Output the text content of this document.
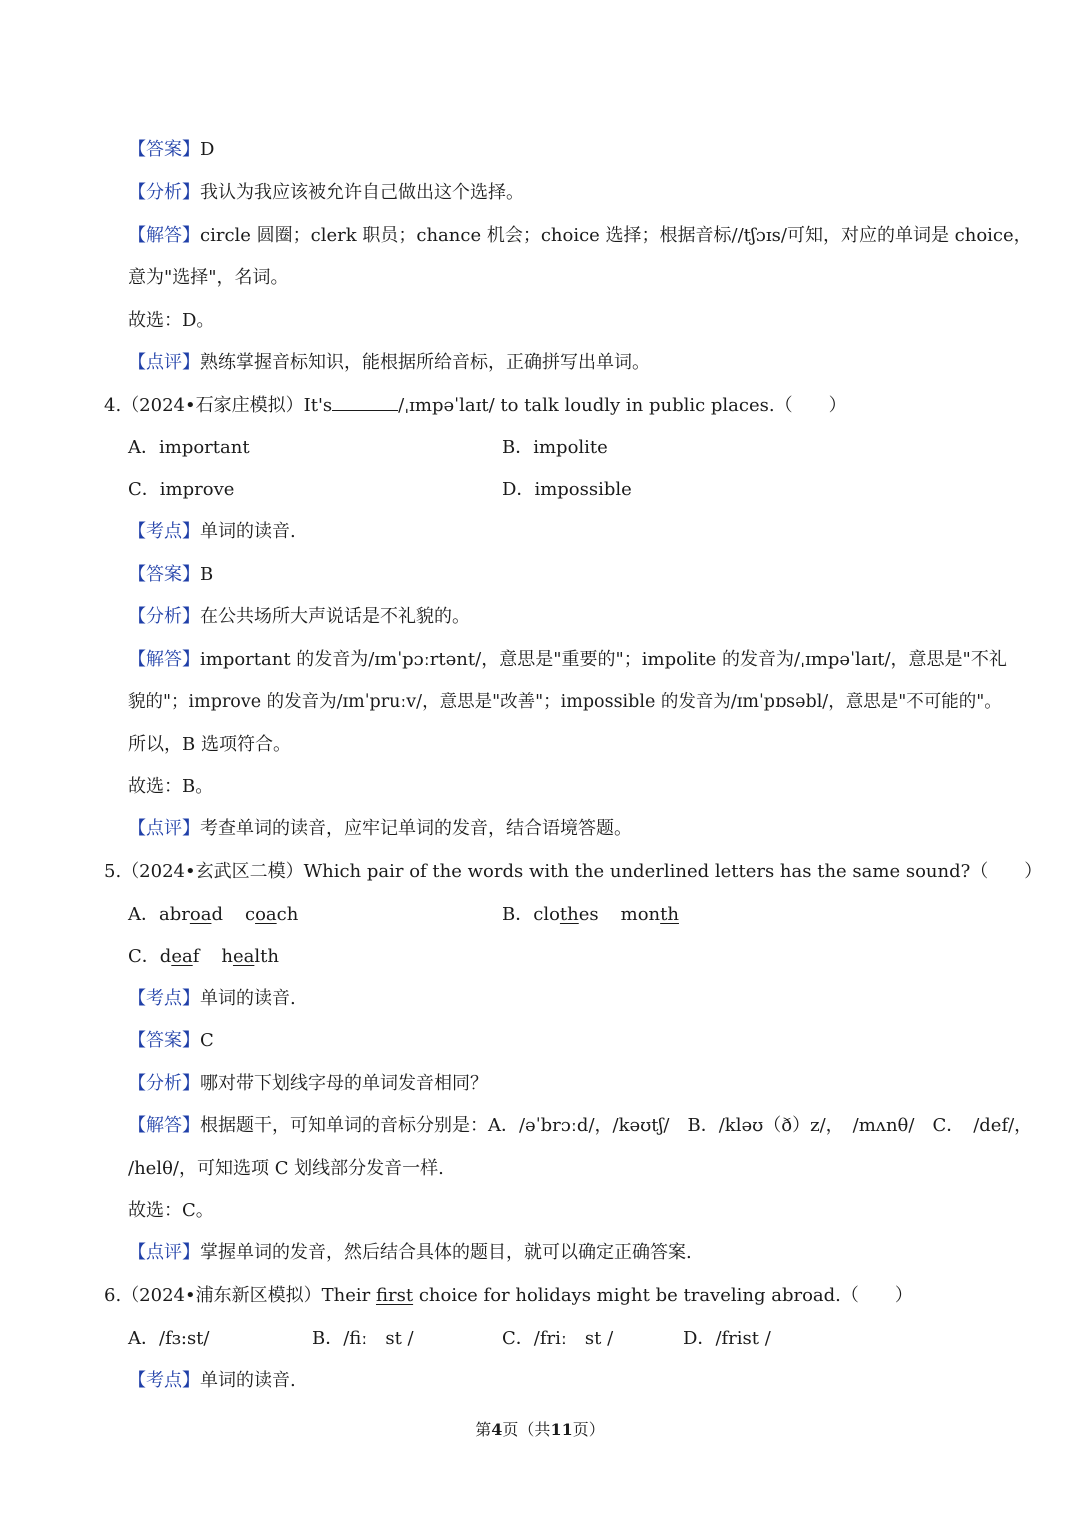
【答案】D
【分析】我认为我应该被允许自己做出这个选择。
【解答】circle 圆圈；clerk 职员；chance 机会；choice 选择；根据音标//tʃɔɪs/可知，对应的单词是 choice，
意为"选择"，名词。
故选：D。
【点评】熟练掌握音标知识，能根据所给音标，正确拼写出单词。
4.（2024•石家庄模拟）It's	/ˌɪmpəˈlaɪt/ to talk loudly in public places.（　　）
A．important	B．impolite
C．improve	D．impossible
【考点】单词的读音.
【答案】B
【分析】在公共场所大声说话是不礼貌的。
【解答】important 的发音为/ɪmˈpɔːrtənt/，意思是"重要的"；impolite 的发音为/ˌɪmpəˈlaɪt/，意思是"不礼
貌的"；improve 的发音为/ɪmˈpruːv/，意思是"改善"；impossible 的发音为/ɪmˈpɒsəbl/，意思是"不可能的"。
所以，B 选项符合。
故选：B。
【点评】考查单词的读音，应牢记单词的发音，结合语境答题。
5.（2024•玄武区二模）Which pair of the words with the underlined letters has the same sound?（　　）
A．abroad coach	B．clothes month
C．deaf health
【考点】单词的读音.
【答案】C
【分析】哪对带下划线字母的单词发音相同？
【解答】根据题干，可知单词的音标分别是：A．/əˈbrɔːd/，/kəʊtʃ/　B．/kləʊ（ð）z/，　/mʌnθ/　C．　/def/，
/helθ/，可知选项 C 划线部分发音一样.
故选：C。
【点评】掌握单词的发音，然后结合具体的题目，就可以确定正确答案.
6.（2024•浦东新区模拟）Their first choice for holidays might be traveling abroad.（　　）
A．/fɜ:st/	B．/fiː　st /	C．/friː　st /	D．/frist /
【考点】单词的读音.
第4页（共11页）
